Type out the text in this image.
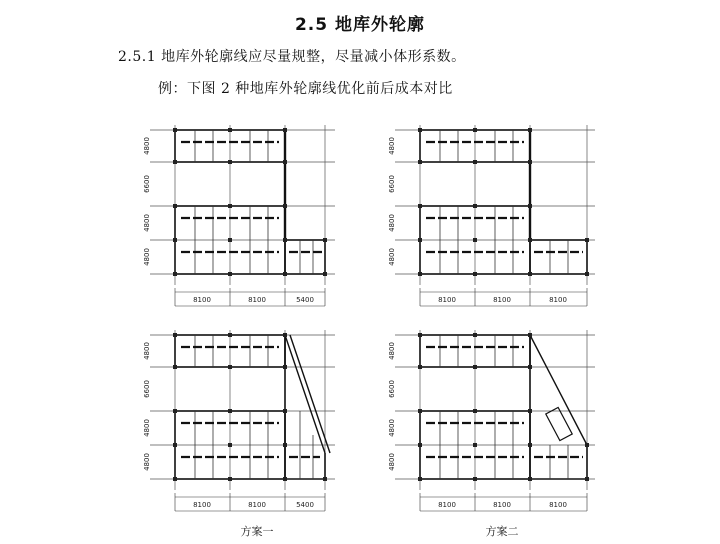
2.5 地库外轮廓
2.5.1 地库外轮廓线应尽量规整，尽量减小体形系数。
例：下图 2 种地库外轮廓线优化前后成本对比
8100	8100	5400
4800
6600
4800
4800
8100	8100	8100
4800
6600
4800
4800
8100	8100	5400
4800
6600
4800
4800
方案一
8100	8100	8100
4800
6600
4800
4800
方案二
